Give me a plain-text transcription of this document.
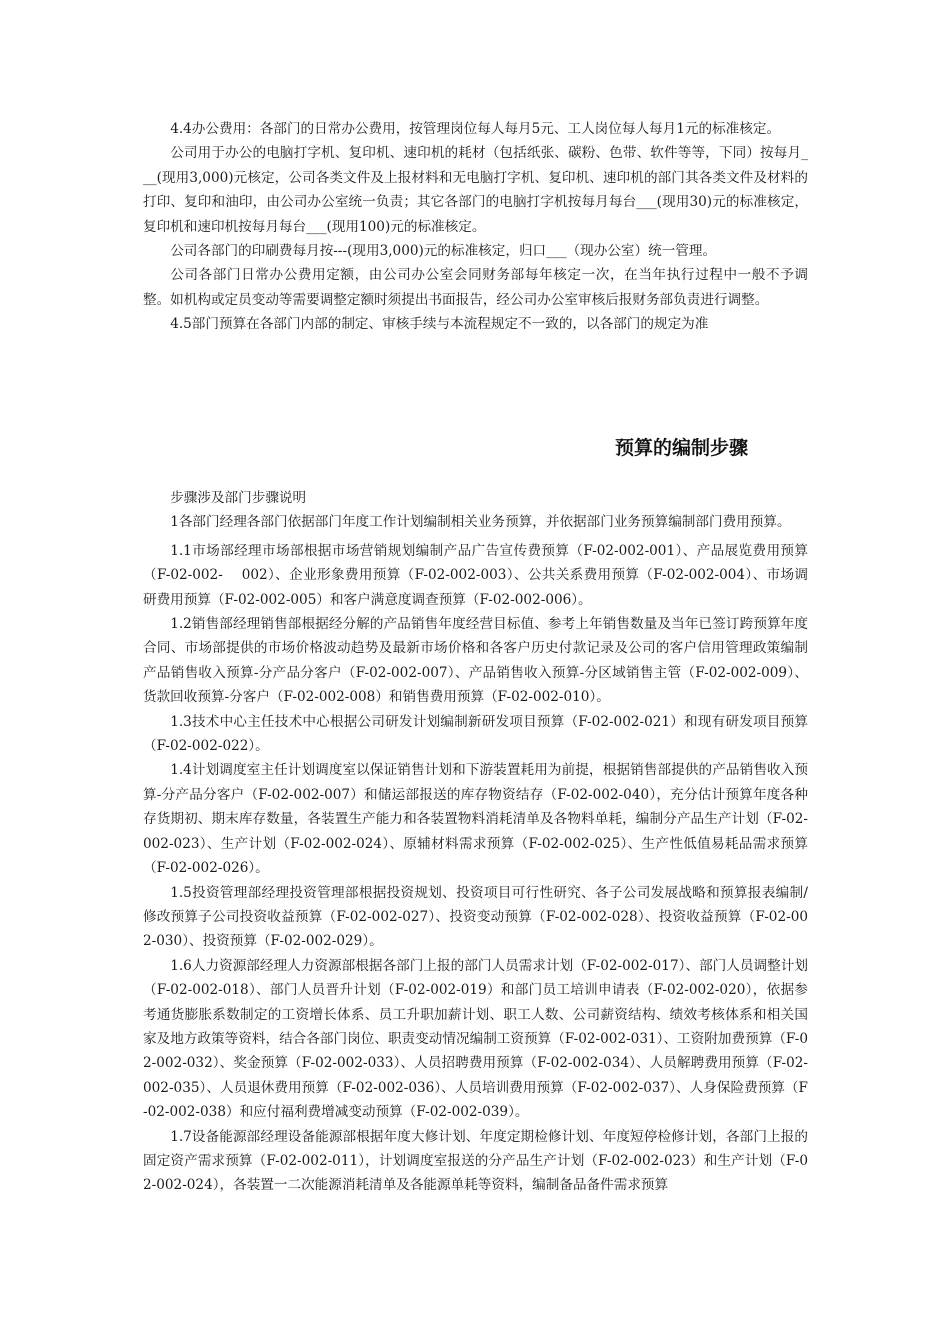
4.4办公费用：各部门的日常办公费用，按管理岗位每人每月5元、工人岗位每人每月1元的标准核定。

公司用于办公的电脑打字机、复印机、速印机的耗材（包括纸张、碳粉、色带、软件等等，下同）按每月___(现用3,000)元核定，公司各类文件及上报材料和无电脑打字机、复印机、速印机的部门其各类文件及材料的打印、复印和油印，由公司办公室统一负责；其它各部门的电脑打字机按每月每台___(现用30)元的标准核定，复印机和速印机按每月每台___(现用100)元的标准核定。

公司各部门的印刷费每月按---(现用3,000)元的标准核定，归口___（现办公室）统一管理。

公司各部门日常办公费用定额，由公司办公室会同财务部每年核定一次，在当年执行过程中一般不予调整。如机构或定员变动等需要调整定额时须提出书面报告，经公司办公室审核后报财务部负责进行调整。

4.5部门预算在各部门内部的制定、审核手续与本流程规定不一致的，以各部门的规定为准

预算的编制步骤

步骤涉及部门步骤说明

1各部门经理各部门依据部门年度工作计划编制相关业务预算，并依据部门业务预算编制部门费用预算。

1.1市场部经理市场部根据市场营销规划编制产品广告宣传费预算（F-02-002-001）、产品展览费用预算（F-02-002-　 002）、企业形象费用预算（F-02-002-003）、公共关系费用预算（F-02-002-004）、市场调研费用预算（F-02-002-005）和客户满意度调查预算（F-02-002-006）。

1.2销售部经理销售部根据经分解的产品销售年度经营目标值、参考上年销售数量及当年已签订跨预算年度合同、市场部提供的市场价格波动趋势及最新市场价格和各客户历史付款记录及公司的客户信用管理政策编制产品销售收入预算-分产品分客户（F-02-002-007）、产品销售收入预算-分区域销售主管（F-02-002-009）、货款回收预算-分客户（F-02-002-008）和销售费用预算（F-02-002-010）。

1.3技术中心主任技术中心根据公司研发计划编制新研发项目预算（F-02-002-021）和现有研发项目预算（F-02-002-022）。

1.4计划调度室主任计划调度室以保证销售计划和下游装置耗用为前提，根据销售部提供的产品销售收入预算-分产品分客户（F-02-002-007）和储运部报送的库存物资结存（F-02-002-040），充分估计预算年度各种存货期初、期末库存数量，各装置生产能力和各装置物料消耗清单及各物料单耗，编制分产品生产计划（F-02-002-023）、生产计划（F-02-002-024）、原辅材料需求预算（F-02-002-025）、生产性低值易耗品需求预算（F-02-002-026）。

1.5投资管理部经理投资管理部根据投资规划、投资项目可行性研究、各子公司发展战略和预算报表编制/修改预算子公司投资收益预算（F-02-002-027）、投资变动预算（F-02-002-028）、投资收益预算（F-02-002-030）、投资预算（F-02-002-029）。

1.6人力资源部经理人力资源部根据各部门上报的部门人员需求计划（F-02-002-017）、部门人员调整计划（F-02-002-018）、部门人员晋升计划（F-02-002-019）和部门员工培训申请表（F-02-002-020），依据参考通货膨胀系数制定的工资增长体系、员工升职加薪计划、职工人数、公司薪资结构、绩效考核体系和相关国家及地方政策等资料，结合各部门岗位、职责变动情况编制工资预算（F-02-002-031）、工资附加费预算（F-02-002-032）、奖金预算（F-02-002-033）、人员招聘费用预算（F-02-002-034）、人员解聘费用预算（F-02-002-035）、人员退休费用预算（F-02-002-036）、人员培训费用预算（F-02-002-037）、人身保险费预算（F-02-002-038）和应付福利费增减变动预算（F-02-002-039）。

1.7设备能源部经理设备能源部根据年度大修计划、年度定期检修计划、年度短停检修计划，各部门上报的固定资产需求预算（F-02-002-011），计划调度室报送的分产品生产计划（F-02-002-023）和生产计划（F-02-002-024），各装置一二次能源消耗清单及各能源单耗等资料，编制备品备件需求预算
